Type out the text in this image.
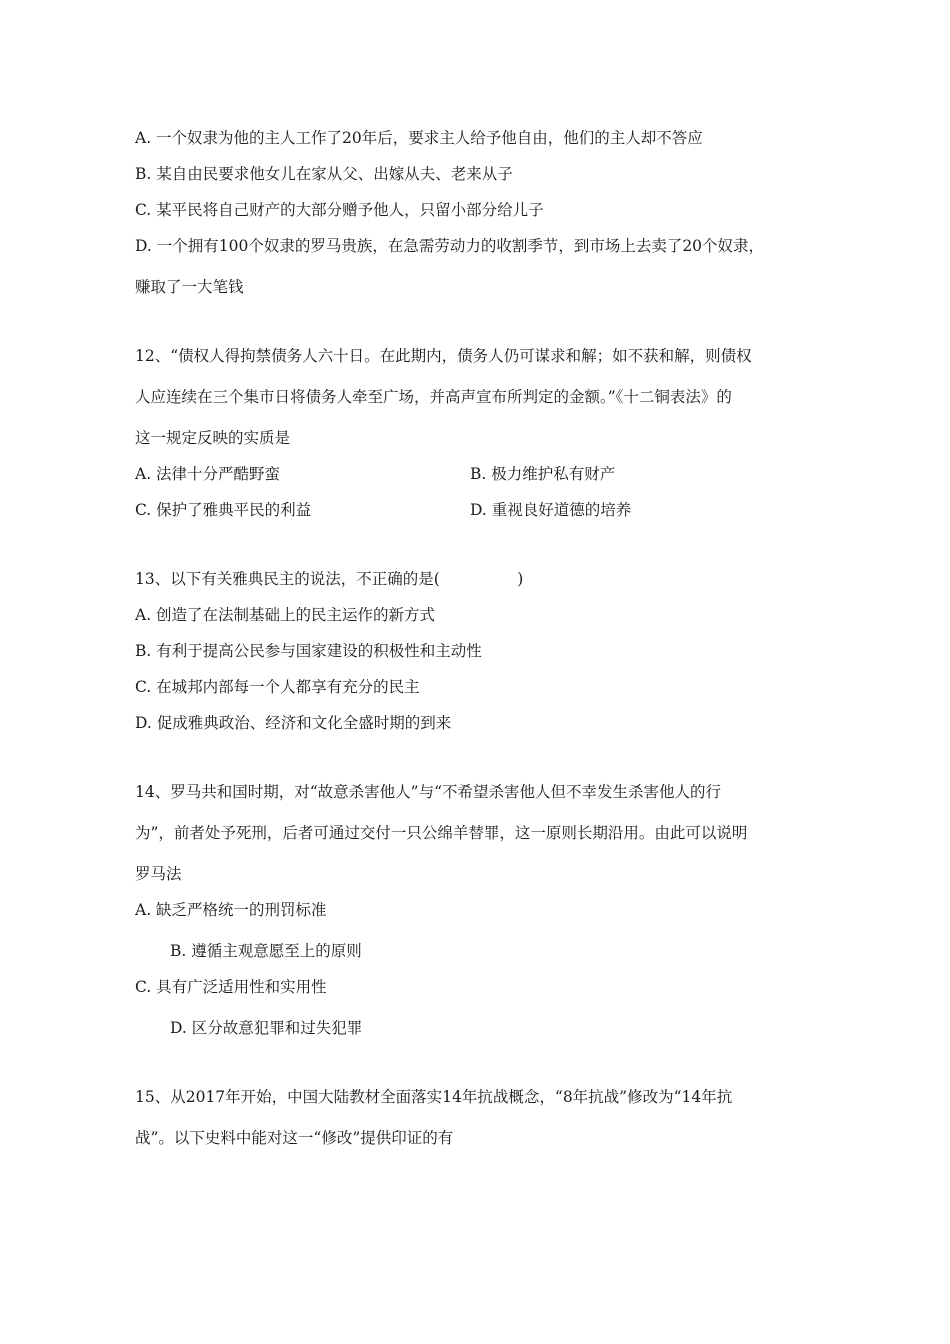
A. 一个奴隶为他的主人工作了20年后，要求主人给予他自由，他们的主人却不答应
B. 某自由民要求他女儿在家从父、出嫁从夫、老来从子
C. 某平民将自己财产的大部分赠予他人，只留小部分给儿子
D. 一个拥有100个奴隶的罗马贵族，在急需劳动力的收割季节，到市场上去卖了20个奴隶，
赚取了一大笔钱
12、“债权人得拘禁债务人六十日。在此期内，债务人仍可谋求和解；如不获和解，则债权
人应连续在三个集市日将债务人牵至广场，并高声宣布所判定的金额。”《十二铜表法》的
这一规定反映的实质是
A. 法律十分严酷野蛮	B. 极力维护私有财产
C. 保护了雅典平民的利益	D. 重视良好道德的培养
13、以下有关雅典民主的说法，不正确的是(　　　　　)
A. 创造了在法制基础上的民主运作的新方式
B. 有利于提高公民参与国家建设的积极性和主动性
C. 在城邦内部每一个人都享有充分的民主
D. 促成雅典政治、经济和文化全盛时期的到来
14、罗马共和国时期，对“故意杀害他人”与“不希望杀害他人但不幸发生杀害他人的行
为”，前者处予死刑，后者可通过交付一只公绵羊替罪，这一原则长期沿用。由此可以说明
罗马法
A. 缺乏严格统一的刑罚标准
B. 遵循主观意愿至上的原则
C. 具有广泛适用性和实用性
D. 区分故意犯罪和过失犯罪
15、从2017年开始，中国大陆教材全面落实14年抗战概念，“8年抗战”修改为“14年抗
战”。以下史料中能对这一“修改”提供印证的有
